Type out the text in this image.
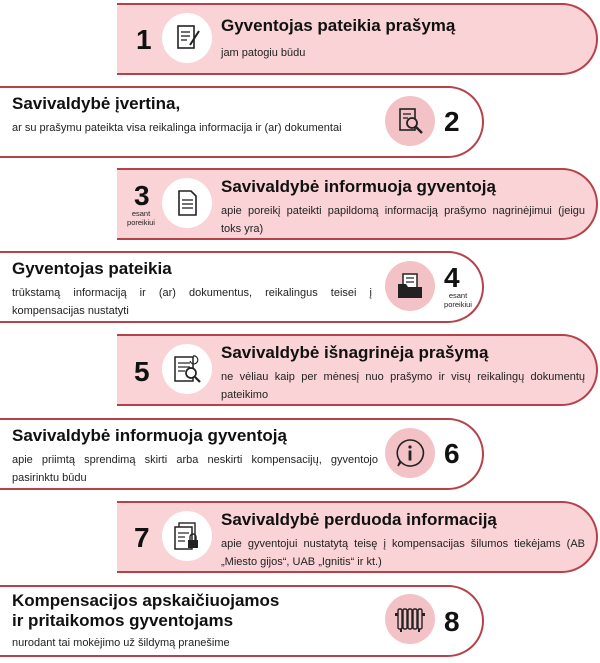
1	Gyventojas pateikia prašymą
jam patogiu būdu
Savivaldybė įvertina,
ar su prašymu pateikta visa reikalinga informacija ir (ar) dokumentai	2
3
esant poreikiui
Savivaldybė informuoja gyventoją
apie poreikį pateikti papildomą informaciją prašymo nagrinėjimui (jeigu toks yra)
Gyventojas pateikia
trūkstamą informaciją ir (ar) dokumentus, reikalingus teisei į kompensacijas nustatyti
4
esant poreikiui
5
Savivaldybė išnagrinėja prašymą
ne vėliau kaip per mėnesį nuo prašymo ir visų reikalingų dokumentų pateikimo
Savivaldybė informuoja gyventoją
apie priimtą sprendimą skirti arba neskirti kompensacijų, gyventojo pasirinktu būdu
6
7
Savivaldybė perduoda informaciją
apie gyventojui nustatytą teisę į kompensacijas šilumos tiekėjams (AB „Miesto gijos“, UAB „Ignitis“ ir kt.)
Kompensacijos apskaičiuojamos
ir pritaikomos gyventojams
nurodant tai mokėjimo už šildymą pranešime
8
